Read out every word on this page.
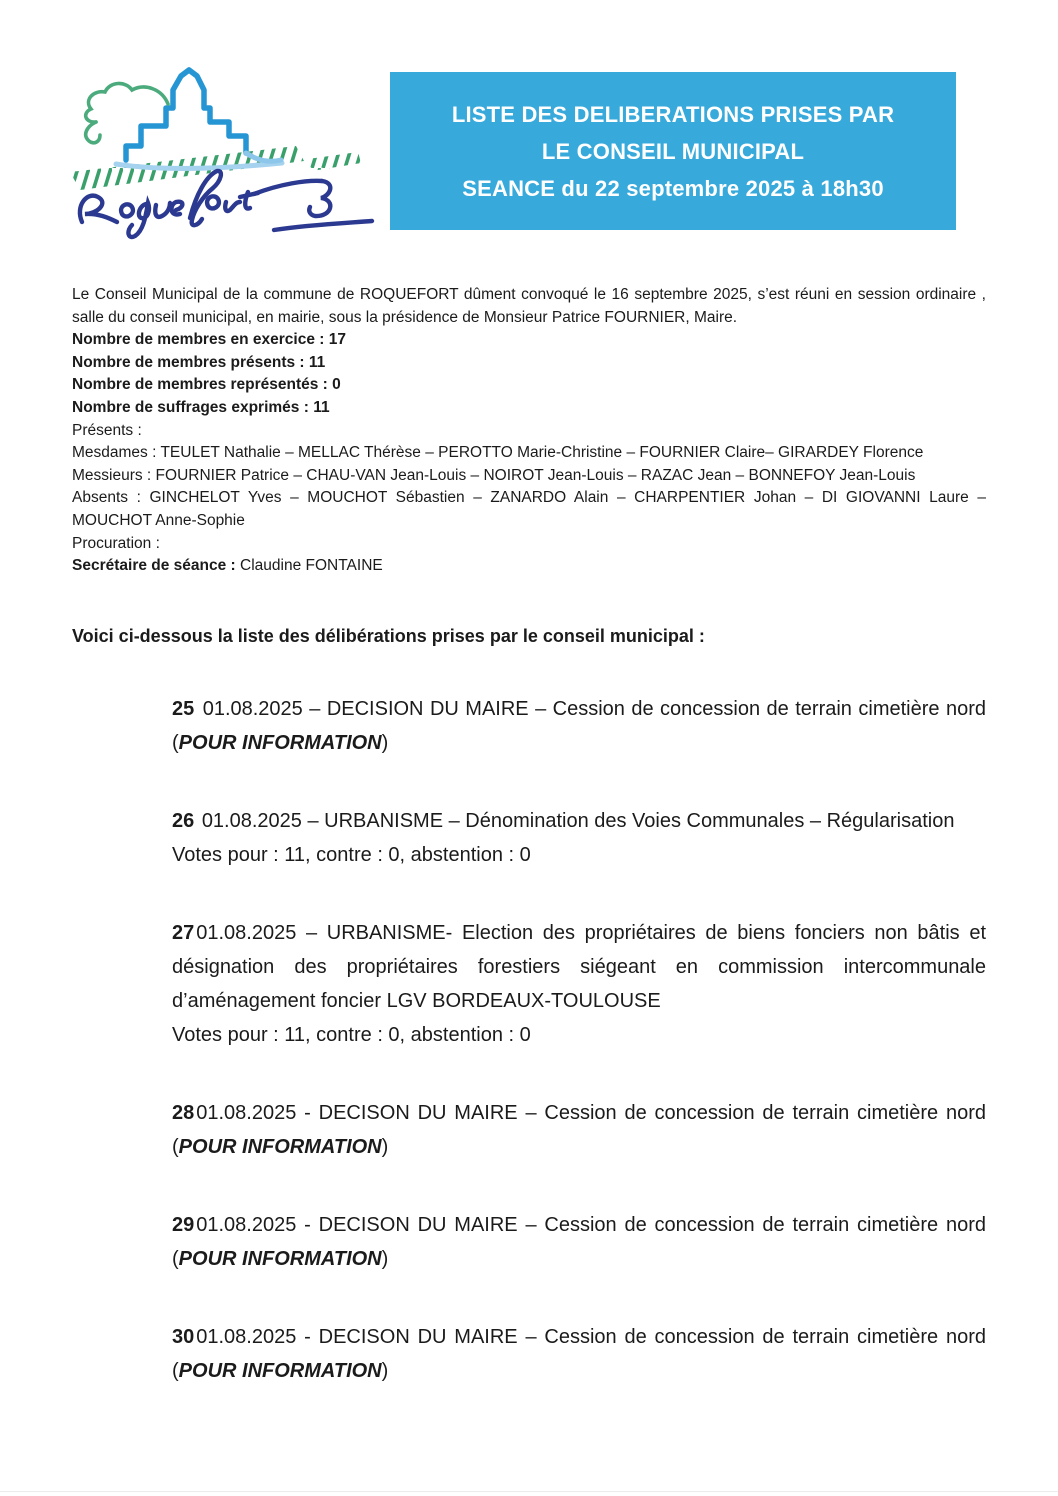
LISTE DES DELIBERATIONS PRISES PAR
LE CONSEIL MUNICIPAL
SEANCE du 22 septembre 2025 à 18h30

Le Conseil Municipal de la commune de ROQUEFORT dûment convoqué le 16 septembre 2025, s’est réuni en session ordinaire , salle du conseil municipal, en mairie, sous la présidence de Monsieur Patrice FOURNIER, Maire.

Nombre de membres en exercice : 17

Nombre de membres présents : 11

Nombre de membres représentés : 0

Nombre de suffrages exprimés : 11

Présents :

Mesdames : TEULET Nathalie – MELLAC Thérèse – PEROTTO Marie-Christine – FOURNIER Claire– GIRARDEY Florence

Messieurs : FOURNIER Patrice – CHAU-VAN Jean-Louis – NOIROT Jean-Louis – RAZAC Jean – BONNEFOY Jean-Louis

Absents : GINCHELOT Yves – MOUCHOT Sébastien – ZANARDO Alain – CHARPENTIER Johan – DI GIOVANNI Laure – MOUCHOT Anne-Sophie

Procuration :

Secrétaire de séance : Claudine FONTAINE

Voici ci-dessous la liste des délibérations prises par le conseil municipal :

25 01.08.2025 – DECISION DU MAIRE – Cession de concession de terrain cimetière nord (POUR INFORMATION)

26 01.08.2025 – URBANISME – Dénomination des Voies Communales – Régularisation

Votes pour : 11, contre : 0, abstention : 0

27 01.08.2025 – URBANISME- Election des propriétaires de biens fonciers non bâtis et désignation des propriétaires forestiers siégeant en commission intercommunale d’aménagement foncier LGV BORDEAUX-TOULOUSE

Votes pour : 11, contre : 0, abstention : 0

28 01.08.2025 - DECISON DU MAIRE – Cession de concession de terrain cimetière nord (POUR INFORMATION)

29 01.08.2025 - DECISON DU MAIRE – Cession de concession de terrain cimetière nord (POUR INFORMATION)

30 01.08.2025 - DECISON DU MAIRE – Cession de concession de terrain cimetière nord (POUR INFORMATION)
